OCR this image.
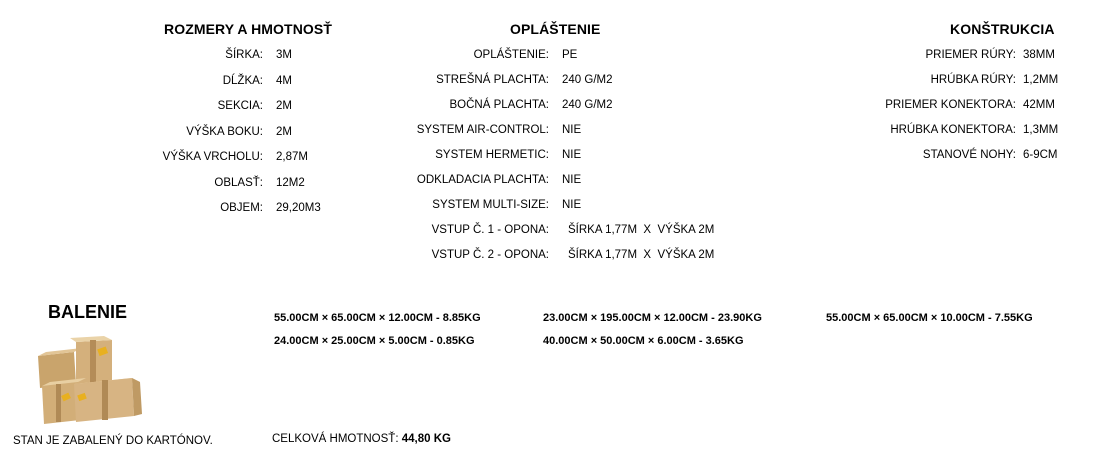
ROZMERY A HMOTNOSŤ
ŠÍRKA: 3M
DĹŽKA: 4M
SEKCIA: 2M
VÝŠKA BOKU: 2M
VÝŠKA VRCHOLU: 2,87M
OBLASŤ: 12M2
OBJEM: 29,20M3
OPLÁŠTENIE
OPLÁŠTENIE: PE
STREŠNÁ PLACHTA: 240 G/M2
BOČNÁ PLACHTA: 240 G/M2
SYSTEM AIR-CONTROL: NIE
SYSTEM HERMETIC: NIE
ODKLADACIA PLACHTA: NIE
SYSTEM MULTI-SIZE: NIE
VSTUP Č. 1 - OPONA: ŠÍRKA 1,77M  X  VÝŠKA 2M
VSTUP Č. 2 - OPONA: ŠÍRKA 1,77M  X  VÝŠKA 2M
KONŠTRUKCIA
PRIEMER RÚRY: 38MM
HRÚBKA RÚRY: 1,2MM
PRIEMER KONEKTORA: 42MM
HRÚBKA KONEKTORA: 1,3MM
STANOVÉ NOHY: 6-9CM
BALENIE
STAN JE ZABALENÝ DO KARTÓNOV.
55.00CM × 65.00CM × 12.00CM - 8.85KG	23.00CM × 195.00CM × 12.00CM - 23.90KG	55.00CM × 65.00CM × 10.00CM - 7.55KG
24.00CM × 25.00CM × 5.00CM - 0.85KG	40.00CM × 50.00CM × 6.00CM - 3.65KG
CELKOVÁ HMOTNOSŤ: 44,80 KG
